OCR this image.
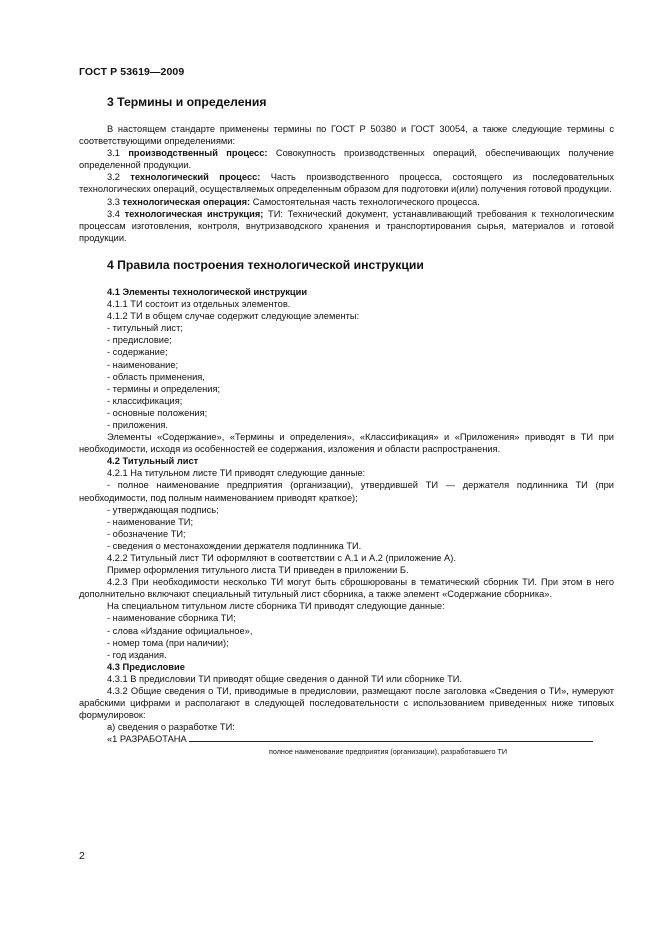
ГОСТ Р 53619—2009
3 Термины и определения

В настоящем стандарте применены термины по ГОСТ Р 50380 и ГОСТ 30054, а также следующие термины с соответствующими определениями:

3.1 производственный процесс: Совокупность производственных операций, обеспечивающих получение определенной продукции.

3.2 технологический процесс: Часть производственного процесса, состоящего из последовательных технологических операций, осуществляемых определенным образом для подготовки и(или) получения готовой продукции.

3.3 технологическая операция: Самостоятельная часть технологического процесса.

3.4 технологическая инструкция; ТИ: Технический документ, устанавливающий требования к технологическим процессам изготовления, контроля, внутризаводского хранения и транспортирования сырья, материалов и готовой продукции.

4 Правила построения технологической инструкции
4.1 Элементы технологической инструкции

4.1.1 ТИ состоит из отдельных элементов.

4.1.2 ТИ в общем случае содержит следующие элементы:

- титульный лист;
- предисловие;
- содержание;
- наименование;
- область применения,
- термины и определения;
- классификация;
- основные положения;
- приложения.

Элементы «Содержание», «Термины и определения», «Классификация» и «Приложения» приводят в ТИ при необходимости, исходя из особенностей ее содержания, изложения и области распространения.

4.2 Титульный лист

4.2.1 На титульном листе ТИ приводят следующие данные:

- полное наименование предприятия (организации), утвердившей ТИ — держателя подлинника ТИ (при необходимости, под полным наименованием приводят краткое);

- утверждающая подпись;
- наименование ТИ;
- обозначение ТИ;
- сведения о местонахождении держателя подлинника ТИ.

4.2.2 Титульный лист ТИ оформляют в соответствии с А.1 и А.2 (приложение А).

Пример оформления титульного листа ТИ приведен в приложении Б.

4.2.3 При необходимости несколько ТИ могут быть сброшюрованы в тематический сборник ТИ. При этом в него дополнительно включают специальный титульный лист сборника, а также элемент «Содержание сборника».

На специальном титульном листе сборника ТИ приводят следующие данные:

- наименование сборника ТИ;
- слова «Издание официальное»,
- номер тома (при наличии);
- год издания.
4.3 Предисловие

4.3.1 В предисловии ТИ приводят общие сведения о данной ТИ или сборнике ТИ.

4.3.2 Общие сведения о ТИ, приводимые в предисловии, размещают после заголовка «Сведения о ТИ», нумеруют арабскими цифрами и располагают в следующей последовательности с использованием приведенных ниже типовых формулировок:

а) сведения о разработке ТИ:
«1 РАЗРАБОТАНА
полное наименование предприятия (организации), разработавшего ТИ
2
